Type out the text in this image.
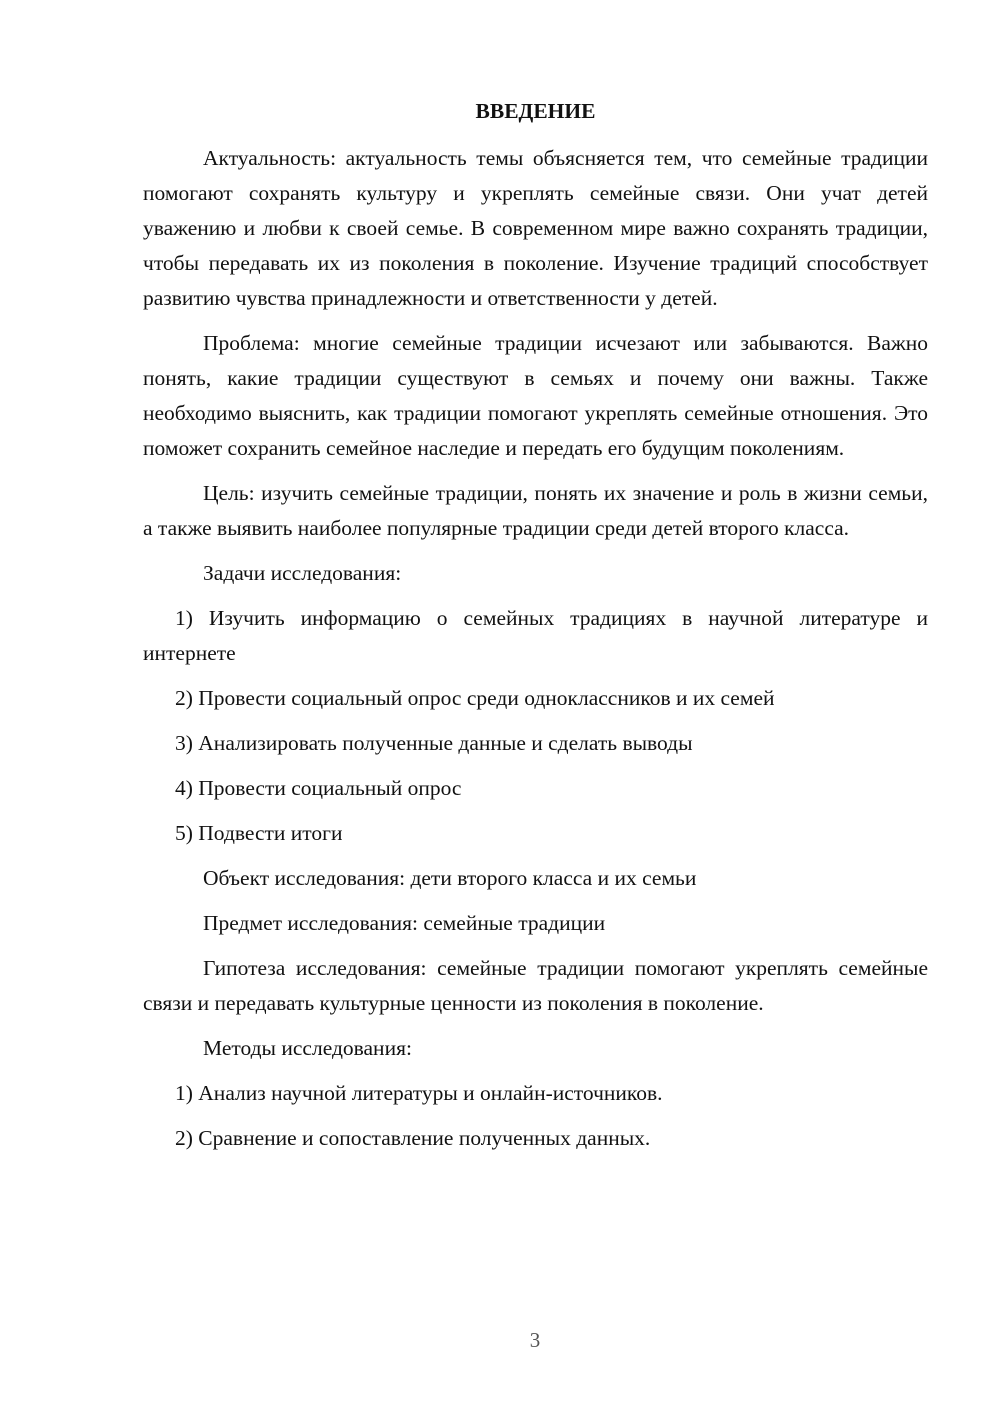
ВВЕДЕНИЕ

Актуальность: актуальность темы объясняется тем, что семейные традиции помогают сохранять культуру и укреплять семейные связи. Они учат детей уважению и любви к своей семье. В современном мире важно сохранять традиции, чтобы передавать их из поколения в поколение. Изучение традиций способствует развитию чувства принадлежности и ответственности у детей.

Проблема: многие семейные традиции исчезают или забываются. Важно понять, какие традиции существуют в семьях и почему они важны. Также необходимо выяснить, как традиции помогают укреплять семейные отношения. Это поможет сохранить семейное наследие и передать его будущим поколениям.

Цель: изучить семейные традиции, понять их значение и роль в жизни семьи, а также выявить наиболее популярные традиции среди детей второго класса.

Задачи исследования:

1) Изучить информацию о семейных традициях в научной литературе и интернете

2) Провести социальный опрос среди одноклассников и их семей

3) Анализировать полученные данные и сделать выводы

4) Провести социальный опрос

5) Подвести итоги

Объект исследования: дети второго класса и их семьи

Предмет исследования: семейные традиции

Гипотеза исследования: семейные традиции помогают укреплять семейные связи и передавать культурные ценности из поколения в поколение.

Методы исследования:

1) Анализ научной литературы и онлайн-источников.

2) Сравнение и сопоставление полученных данных.

3
